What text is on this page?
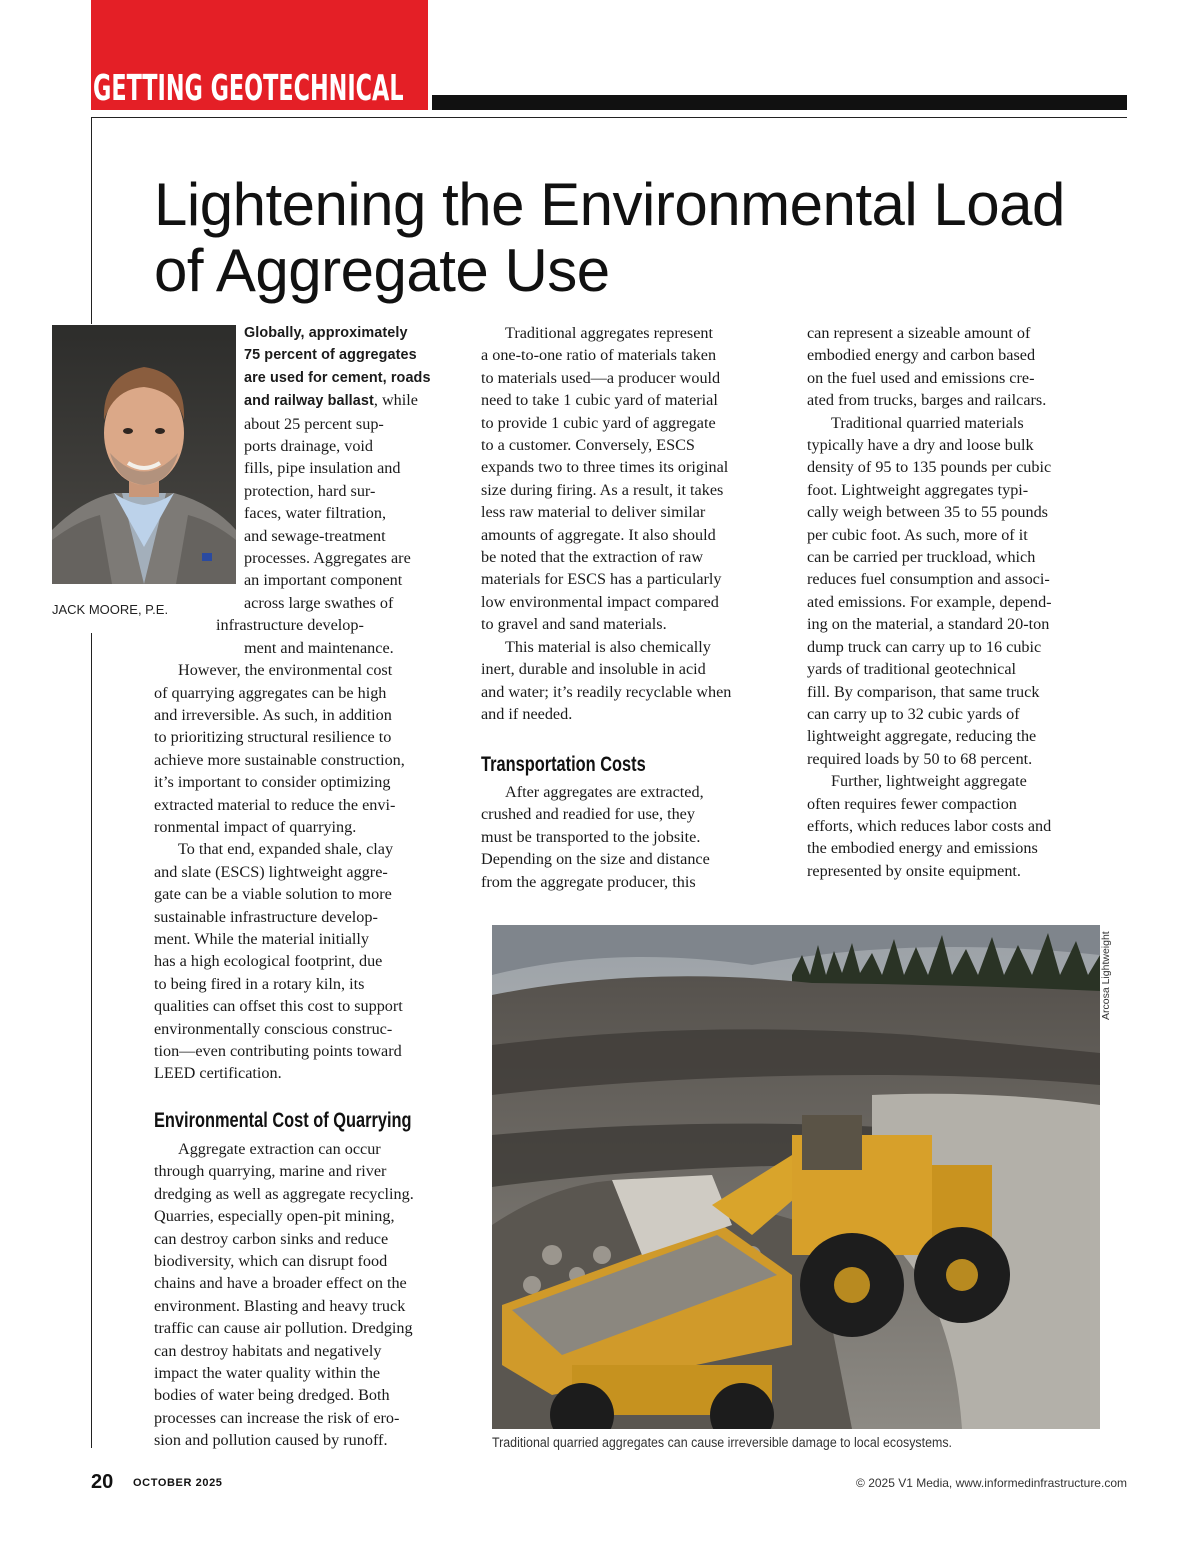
GETTING GEOTECHNICAL
Lightening the Environmental Load
of Aggregate Use
JACK MOORE, P.E.
Globally, approximately
75 percent of aggregates
are used for cement, roads
and railway ballast, while
about 25 percent sup-
ports drainage, void
fills, pipe insulation and
protection, hard sur-
faces, water filtration,
and sewage-treatment
processes. Aggregates are
an important component
across large swathes of
infrastructure develop-
ment and maintenance.

However, the environmental cost
of quarrying aggregates can be high
and irreversible. As such, in addition
to prioritizing structural resilience to
achieve more sustainable construction,
it’s important to consider optimizing
extracted material to reduce the envi-
ronmental impact of quarrying.

To that end, expanded shale, clay
and slate (ESCS) lightweight aggre-
gate can be a viable solution to more
sustainable infrastructure develop-
ment. While the material initially
has a high ecological footprint, due
to being fired in a rotary kiln, its
qualities can offset this cost to support
environmentally conscious construc-
tion—even contributing points toward
LEED certification.

Environmental Cost of Quarrying
Aggregate extraction can occur
through quarrying, marine and river
dredging as well as aggregate recycling.
Quarries, especially open-pit mining,
can destroy carbon sinks and reduce
biodiversity, which can disrupt food
chains and have a broader effect on the
environment. Blasting and heavy truck
traffic can cause air pollution. Dredging
can destroy habitats and negatively
impact the water quality within the
bodies of water being dredged. Both
processes can increase the risk of ero-
sion and pollution caused by runoff.

Traditional aggregates represent
a one-to-one ratio of materials taken
to materials used—a producer would
need to take 1 cubic yard of material
to provide 1 cubic yard of aggregate
to a customer. Conversely, ESCS
expands two to three times its original
size during firing. As a result, it takes
less raw material to deliver similar
amounts of aggregate. It also should
be noted that the extraction of raw
materials for ESCS has a particularly
low environmental impact compared
to gravel and sand materials.

This material is also chemically
inert, durable and insoluble in acid
and water; it’s readily recyclable when
and if needed.

Transportation Costs
After aggregates are extracted,
crushed and readied for use, they
must be transported to the jobsite.
Depending on the size and distance
from the aggregate producer, this

can represent a sizeable amount of
embodied energy and carbon based
on the fuel used and emissions cre-
ated from trucks, barges and railcars.

Traditional quarried materials
typically have a dry and loose bulk
density of 95 to 135 pounds per cubic
foot. Lightweight aggregates typi-
cally weigh between 35 to 55 pounds
per cubic foot. As such, more of it
can be carried per truckload, which
reduces fuel consumption and associ-
ated emissions. For example, depend-
ing on the material, a standard 20-ton
dump truck can carry up to 16 cubic
yards of traditional geotechnical
fill. By comparison, that same truck
can carry up to 32 cubic yards of
lightweight aggregate, reducing the
required loads by 50 to 68 percent.

Further, lightweight aggregate
often requires fewer compaction
efforts, which reduces labor costs and
the embodied energy and emissions
represented by onsite equipment.

Arcosa Lightweight
Traditional quarried aggregates can cause irreversible damage to local ecosystems.
20 OCTOBER 2025	© 2025 V1 Media, www.informedinfrastructure.com
